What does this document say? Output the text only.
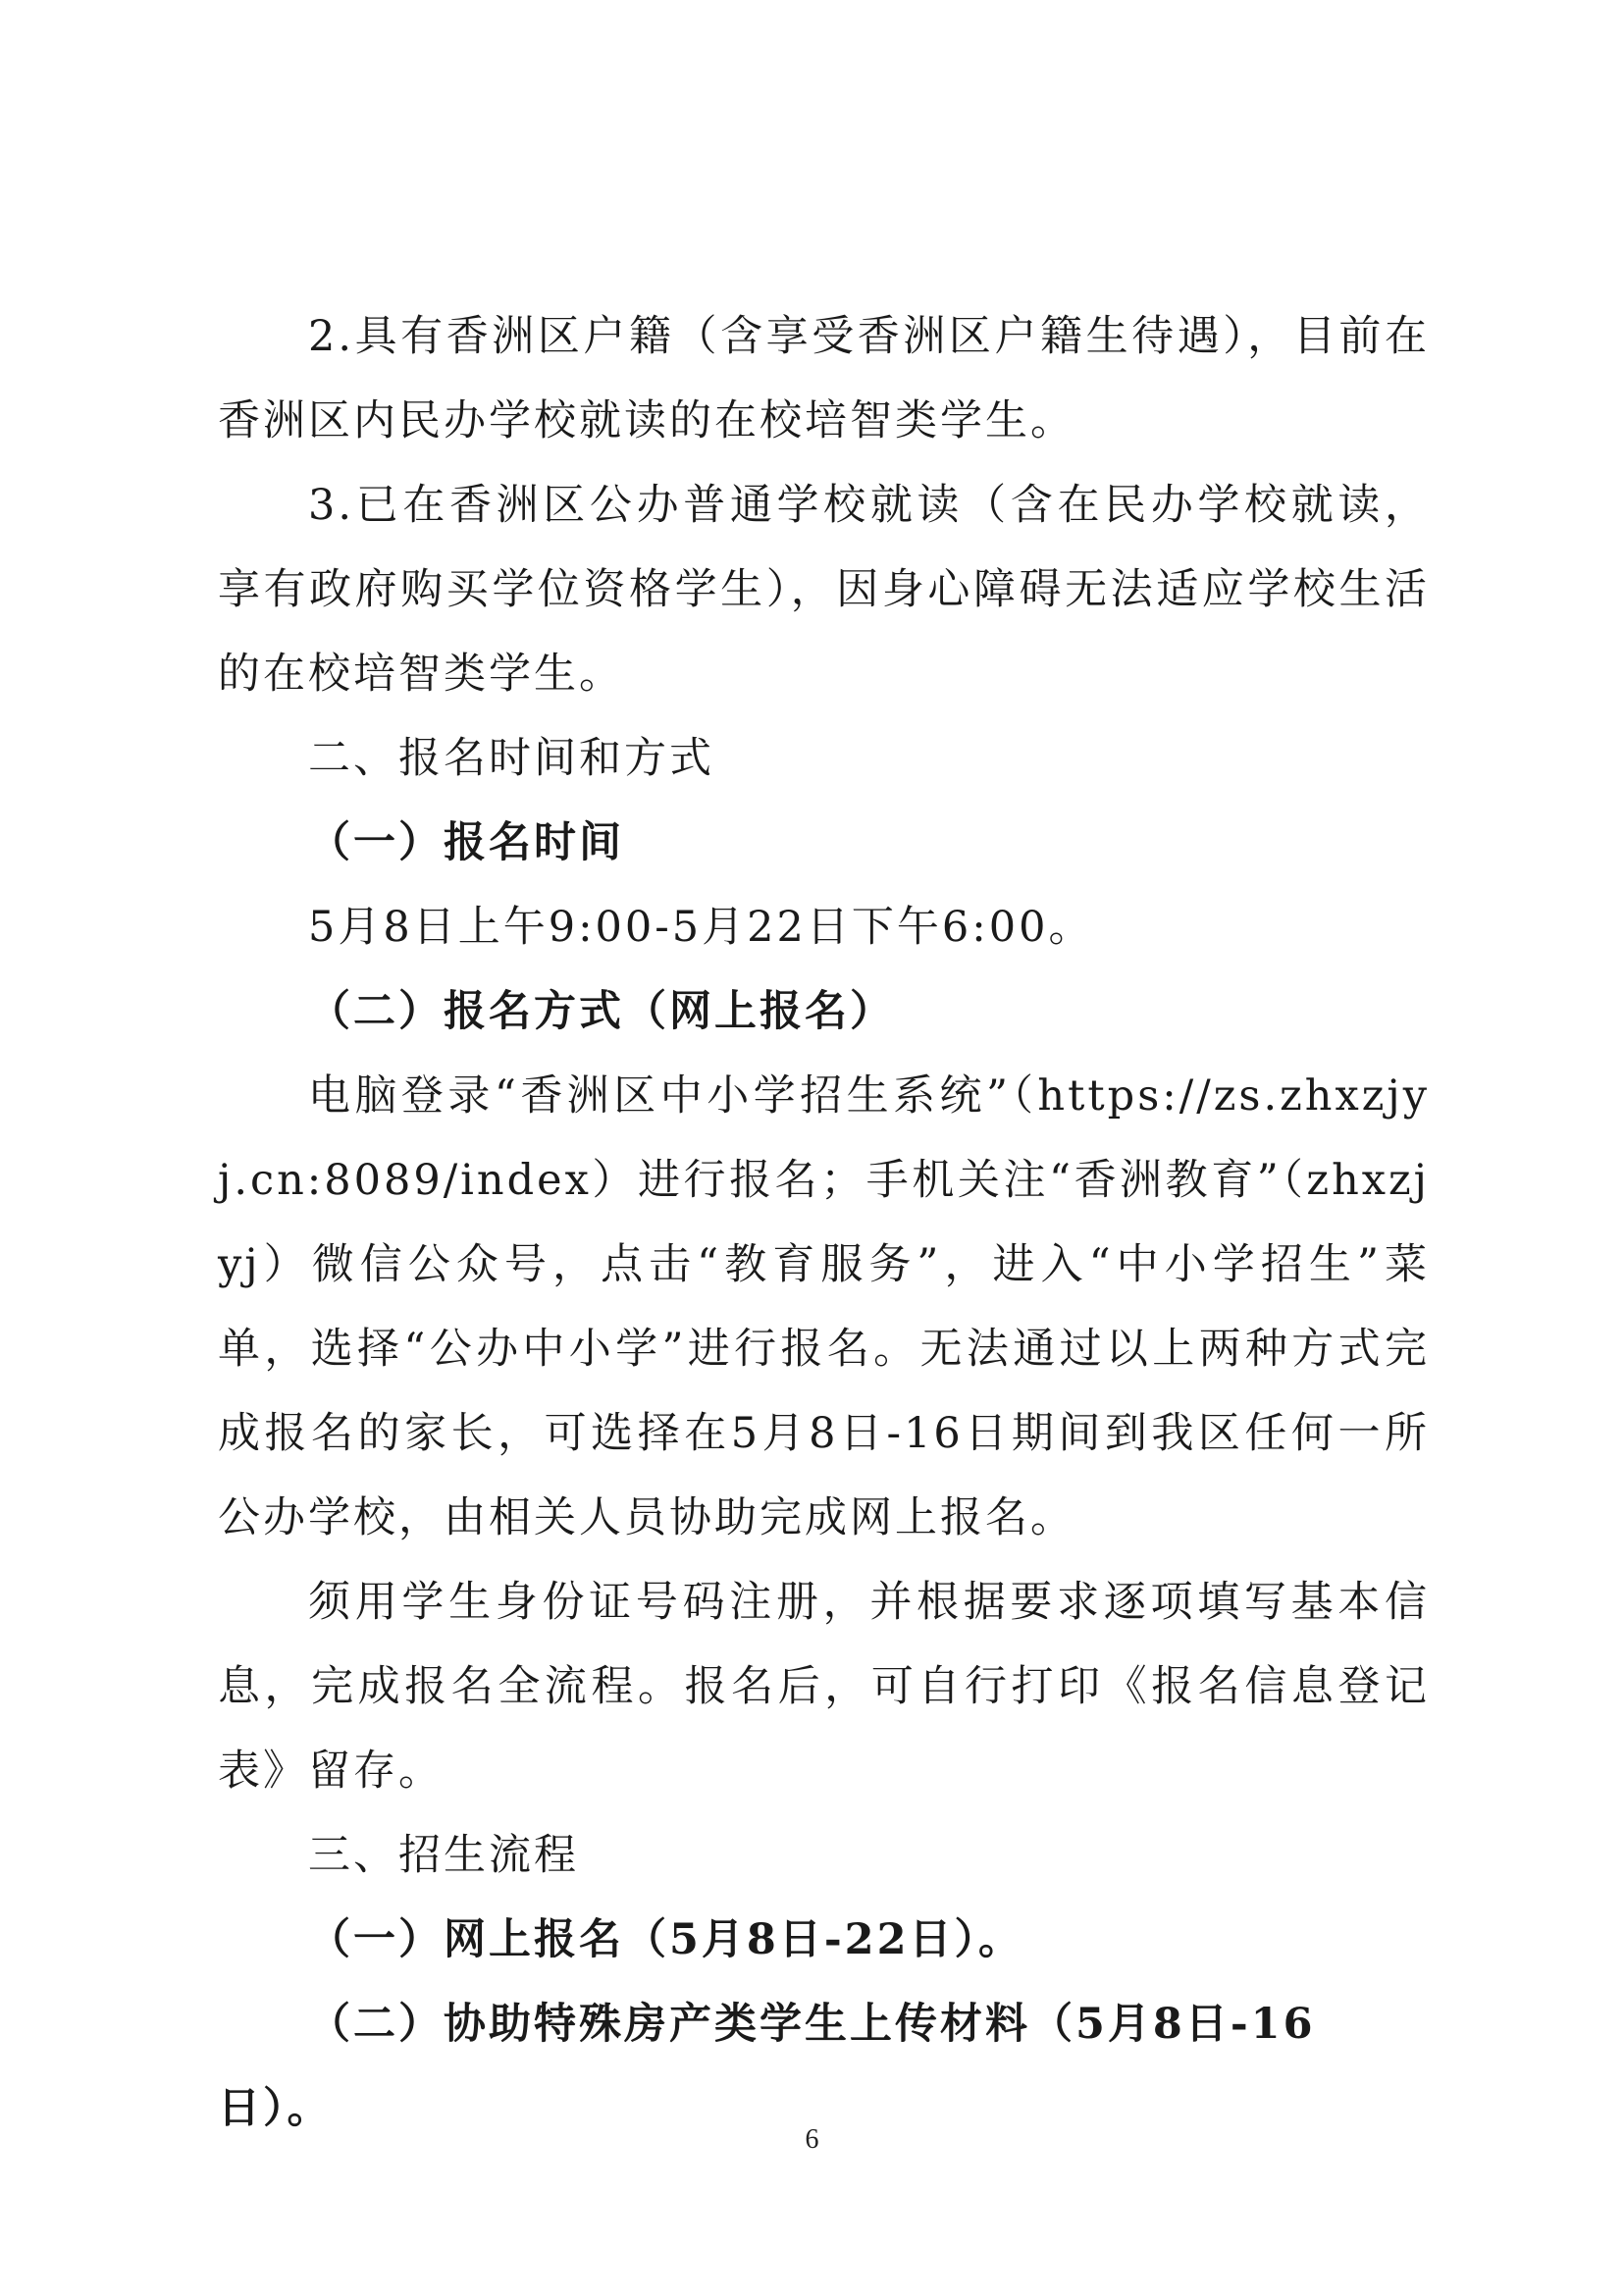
2.具有香洲区户籍（含享受香洲区户籍生待遇），目前在香洲区内民办学校就读的在校培智类学生。

3.已在香洲区公办普通学校就读（含在民办学校就读，享有政府购买学位资格学生），因身心障碍无法适应学校生活的在校培智类学生。

二、报名时间和方式

（一）报名时间

5月8日上午9:00-5月22日下午6:00。

（二）报名方式（网上报名）

电脑登录“香洲区中小学招生系统”（https://zs.zhxzjyj.cn:8089/index）进行报名；手机关注“香洲教育”（zhxzjyj）微信公众号，点击“教育服务”，进入“中小学招生”菜单，选择“公办中小学”进行报名。无法通过以上两种方式完成报名的家长，可选择在5月8日-16日期间到我区任何一所公办学校，由相关人员协助完成网上报名。

须用学生身份证号码注册，并根据要求逐项填写基本信息，完成报名全流程。报名后，可自行打印《报名信息登记表》留存。

三、招生流程

（一）网上报名（5月8日-22日）。

（二）协助特殊房产类学生上传材料（5月8日-16日）。

6
